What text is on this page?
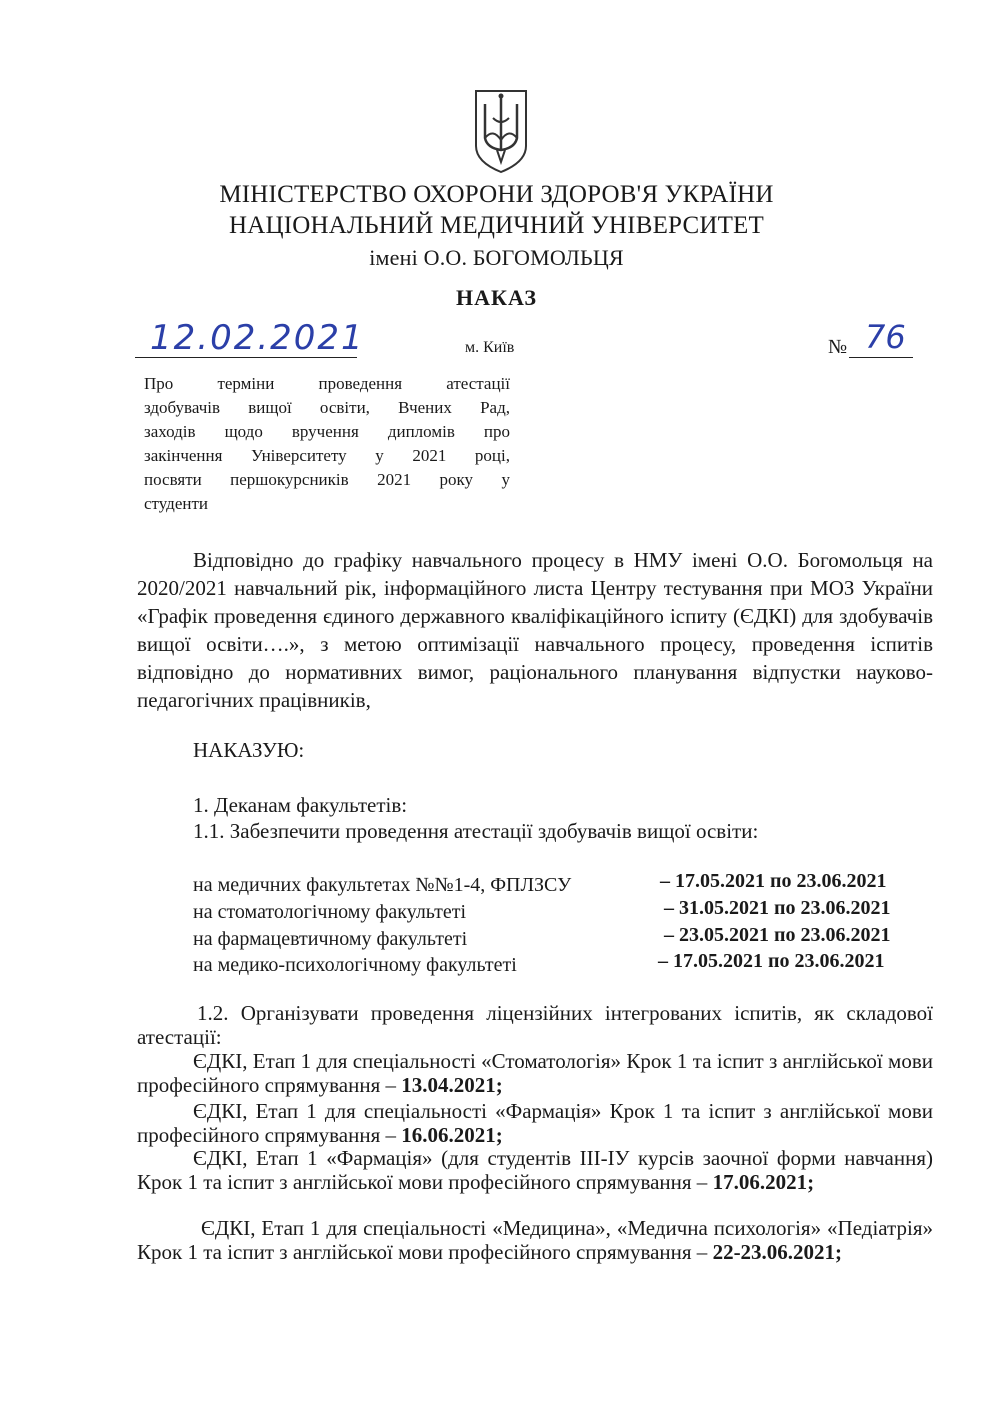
МІНІСТЕРСТВО ОХОРОНИ ЗДОРОВ'Я УКРАЇНИ
НАЦІОНАЛЬНИЙ МЕДИЧНИЙ УНІВЕРСИТЕТ
імені О.О. БОГОМОЛЬЦЯ
НАКАЗ
12.02.2021	м. Київ	№ 76
Про терміни проведення атестації
здобувачів вищої освіти, Вчених Рад,
заходів щодо вручення дипломів про
закінчення Університету у 2021 році,
посвяти першокурсників 2021 року у
студенти
Відповідно до графіку навчального процесу в НМУ імені О.О. Богомольця на 2020/2021 навчальний рік, інформаційного листа Центру тестування при МОЗ України «Графік проведення єдиного державного кваліфікаційного іспиту (ЄДКІ) для здобувачів вищої освіти….», з метою оптимізації навчального процесу, проведення іспитів відповідно до нормативних вимог, раціонального планування відпустки науково-педагогічних працівників,
НАКАЗУЮ:
1. Деканам факультетів:
1.1. Забезпечити проведення атестації здобувачів вищої освіти:
на медичних факультетах №№1-4, ФПЛЗСУ	– 17.05.2021 по 23.06.2021
на стоматологічному факультеті	– 31.05.2021 по 23.06.2021
на фармацевтичному факультеті	– 23.05.2021 по 23.06.2021
на медико-психологічному факультеті	– 17.05.2021 по 23.06.2021
1.2. Організувати проведення ліцензійних інтегрованих іспитів, як складової атестації:
ЄДКІ, Етап 1 для спеціальності «Стоматологія» Крок 1 та іспит з англійської мови професійного спрямування – 13.04.2021;
ЄДКІ, Етап 1 для спеціальності «Фармація» Крок 1 та іспит з англійської мови професійного спрямування – 16.06.2021;
ЄДКІ, Етап 1 «Фармація» (для студентів ІІІ-ІУ курсів заочної форми навчання) Крок 1 та іспит з англійської мови професійного спрямування – 17.06.2021;
ЄДКІ, Етап 1 для спеціальності «Медицина», «Медична психологія» «Педіатрія» Крок 1 та іспит з англійської мови професійного спрямування – 22-23.06.2021;
